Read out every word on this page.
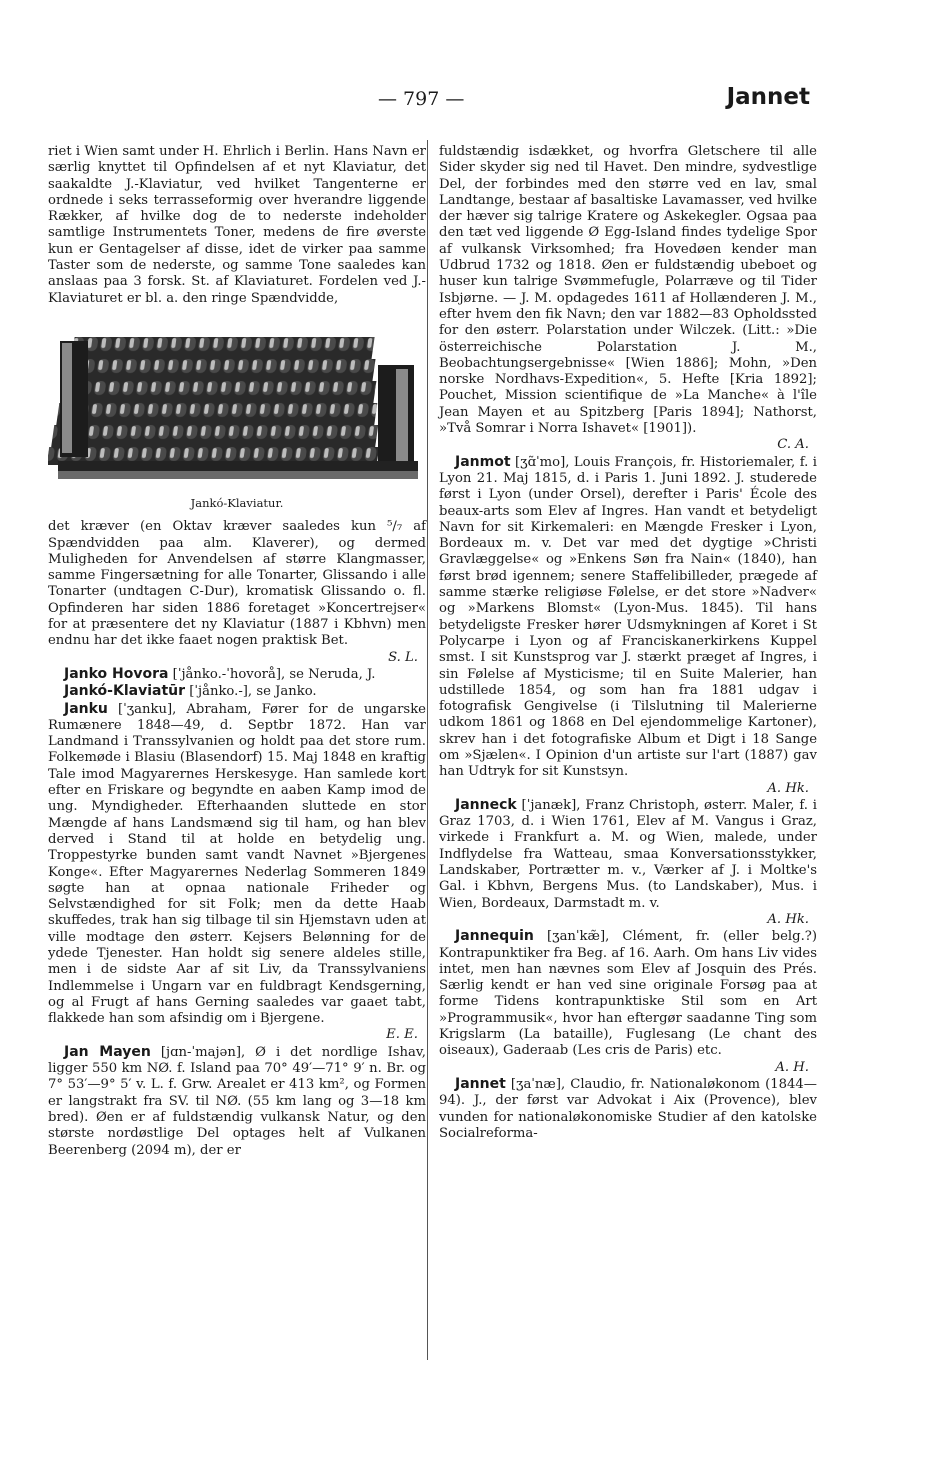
— 797 —	Jannet

riet i Wien samt under H. Ehrlich i Berlin. Hans Navn er særlig knyttet til Opfindelsen af et nyt Klaviatur, det saakaldte J.-Klaviatur, ved hvilket Tangenterne er ordnede i seks terrasseformig over hverandre liggende Rækker, af hvilke dog de to nederste indeholder samtlige Instrumentets Toner, medens de fire øverste kun er Gentagelser af disse, idet de virker paa samme Taster som de nederste, og samme Tone saaledes kan anslaas paa 3 forsk. St. af Klaviaturet. Fordelen ved J.-Klaviaturet er bl. a. den ringe Spændvidde,

Jankó-Klaviatur.

det kræver (en Oktav kræver saaledes kun ⁵/₇ af Spændvidden paa alm. Klaverer), og dermed Muligheden for Anvendelsen af større Klangmasser, samme Fingersætning for alle Tonarter, Glissando i alle Tonarter (undtagen C-Dur), kromatisk Glissando o. fl. Opfinderen har siden 1886 foretaget »Koncertrejser« for at præsentere det ny Klaviatur (1887 i Kbhvn) men endnu har det ikke faaet nogen praktisk Bet.

S. L.

Janko Hovora [ˈjånko.-ˈhovorå], se Neruda, J.

Jankó-Klaviatūr [ˈjånko.-], se Janko.

Janku [ˈʒanku], Abraham, Fører for de ungarske Rumænere 1848—49, d. Septbr 1872. Han var Landmand i Transsylvanien og holdt paa det store rum. Folkemøde i Blasiu (Blasendorf) 15. Maj 1848 en kraftig Tale imod Magyarernes Herskesyge. Han samlede kort efter en Friskare og begyndte en aaben Kamp imod de ung. Myndigheder. Efterhaanden sluttede en stor Mængde af hans Landsmænd sig til ham, og han blev derved i Stand til at holde en betydelig ung. Troppestyrke bunden samt vandt Navnet »Bjergenes Konge«. Efter Magyarernes Nederlag Sommeren 1849 søgte han at opnaa nationale Friheder og Selvstændighed for sit Folk; men da dette Haab skuffedes, trak han sig tilbage til sin Hjemstavn uden at ville modtage den østerr. Kejsers Belønning for de ydede Tjenester. Han holdt sig senere aldeles stille, men i de sidste Aar af sit Liv, da Transsylvaniens Indlemmelse i Ungarn var en fuldbragt Kendsgerning, og al Frugt af hans Gerning saaledes var gaaet tabt, flakkede han som afsindig om i Bjergene.

E. E.

Jan Mayen [jɑn-ˈmajən], Ø i det nordlige Ishav, ligger 550 km NØ. f. Island paa 70° 49′—71° 9′ n. Br. og 7° 53′—9° 5′ v. L. f. Grw. Arealet er 413 km², og Formen er langstrakt fra SV. til NØ. (55 km lang og 3—18 km bred). Øen er af fuldstændig vulkansk Natur, og den største nordøstlige Del optages helt af Vulkanen Beerenberg (2094 m), der er

fuldstændig isdækket, og hvorfra Gletschere til alle Sider skyder sig ned til Havet. Den mindre, sydvestlige Del, der forbindes med den større ved en lav, smal Landtange, bestaar af basaltiske Lavamasser, ved hvilke der hæver sig talrige Kratere og Askekegler. Ogsaa paa den tæt ved liggende Ø Egg-Island findes tydelige Spor af vulkansk Virksomhed; fra Hovedøen kender man Udbrud 1732 og 1818. Øen er fuldstændig ubeboet og huser kun talrige Svømmefugle, Polarræve og til Tider Isbjørne. — J. M. opdagedes 1611 af Hollænderen J. M., efter hvem den fik Navn; den var 1882—83 Opholdssted for den østerr. Polarstation under Wilczek. (Litt.: »Die österreichische Polarstation J. M., Beobachtungsergebnisse« [Wien 1886]; Mohn, »Den norske Nordhavs-Expedition«, 5. Hefte [Kria 1892]; Pouchet, Mission scientifique de »La Manche« à l'île Jean Mayen et au Spitzberg [Paris 1894]; Nathorst, »Två Somrar i Norra Ishavet« [1901]).

C. A.

Janmot [ʒɑ̃ˈmo], Louis François, fr. Historiemaler, f. i Lyon 21. Maj 1815, d. i Paris 1. Juni 1892. J. studerede først i Lyon (under Orsel), derefter i Paris' École des beaux-arts som Elev af Ingres. Han vandt et betydeligt Navn for sit Kirkemaleri: en Mængde Fresker i Lyon, Bordeaux m. v. Det var med det dygtige »Christi Gravlæggelse« og »Enkens Søn fra Nain« (1840), han først brød igennem; senere Staffelibilleder, prægede af samme stærke religiøse Følelse, er det store »Nadver« og »Markens Blomst« (Lyon-Mus. 1845). Til hans betydeligste Fresker hører Udsmykningen af Koret i St Polycarpe i Lyon og af Franciskanerkirkens Kuppel smst. I sit Kunstsprog var J. stærkt præget af Ingres, i sin Følelse af Mysticisme; til en Suite Malerier, han udstillede 1854, og som han fra 1881 udgav i fotografisk Gengivelse (i Tilslutning til Malerierne udkom 1861 og 1868 en Del ejendommelige Kartoner), skrev han i det fotografiske Album et Digt i 18 Sange om »Sjælen«. I Opinion d'un artiste sur l'art (1887) gav han Udtryk for sit Kunstsyn.

A. Hk.

Janneck [ˈjanæk], Franz Christoph, østerr. Maler, f. i Graz 1703, d. i Wien 1761, Elev af M. Vangus i Graz, virkede i Frankfurt a. M. og Wien, malede, under Indflydelse fra Watteau, smaa Konversationsstykker, Landskaber, Portrætter m. v., Værker af J. i Moltke's Gal. i Kbhvn, Bergens Mus. (to Landskaber), Mus. i Wien, Bordeaux, Darmstadt m. v.

A. Hk.

Jannequin [ʒanˈkæ̃], Clément, fr. (eller belg.?) Kontrapunktiker fra Beg. af 16. Aarh. Om hans Liv vides intet, men han nævnes som Elev af Josquin des Prés. Særlig kendt er han ved sine originale Forsøg paa at forme Tidens kontrapunktiske Stil som en Art »Programmusik«, hvor han eftergør saadanne Ting som Krigslarm (La bataille), Fuglesang (Le chant des oiseaux), Gaderaab (Les cris de Paris) etc.

A. H.

Jannet [ʒaˈnæ], Claudio, fr. Nationaløkonom (1844—94). J., der først var Advokat i Aix (Provence), blev vunden for nationaløkonomiske Studier af den katolske Socialreforma-
